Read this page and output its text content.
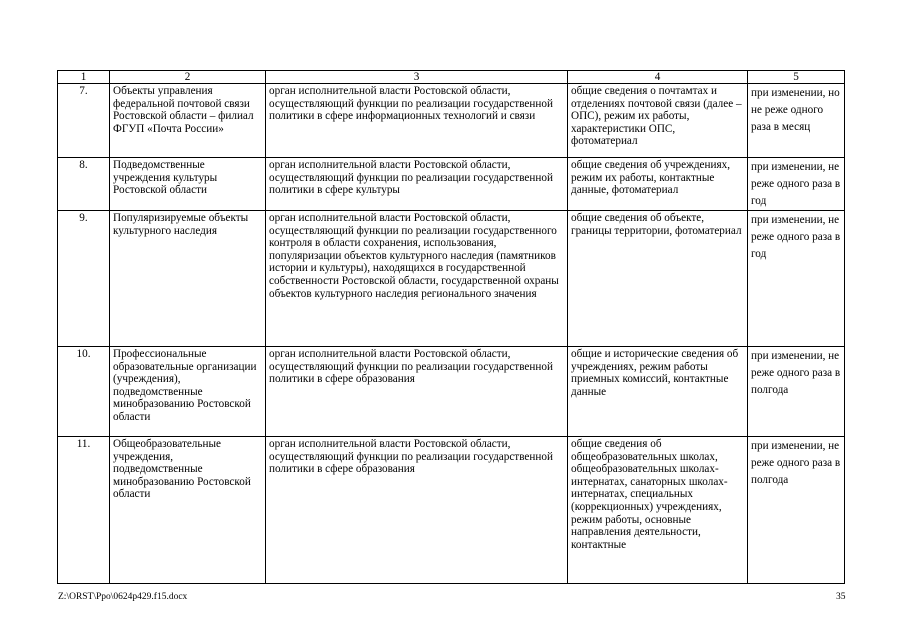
1	2	3	4	5
7.	Объекты управления федеральной почтовой связи Ростовской области – филиал ФГУП «Почта России»	орган исполнительной власти Ростовской области, осуществляющий функции по реализации государственной политики в сфере информационных технологий и связи	общие сведения о почтамтах и отделениях почтовой связи (далее – ОПС), режим их работы, характеристики ОПС, фотоматериал	при изменении, но не реже одного раза в месяц

8.	Подведомственные учреждения культуры Ростовской области	орган исполнительной власти Ростовской области, осуществляющий функции по реализации государственной политики в сфере культуры	общие сведения об учреждениях, режим их работы, контактные данные, фотоматериал	при изменении, не реже одного раза в год

9.	Популяризируемые объекты культурного наследия	орган исполнительной власти Ростовской области, осуществляющий функции по реализации государственного контроля в области сохранения, использования, популяризации объектов культурного наследия (памятников истории и культуры), находящихся в государственной собственности Ростовской области, государственной охраны объектов культурного наследия регионального значения	общие сведения об объекте, границы территории, фотоматериал	при изменении, не реже одного раза в год

10.	Профессиональные образовательные организации (учреждения), подведомственные минобразованию Ростовской области	орган исполнительной власти Ростовской области, осуществляющий функции по реализации государственной политики в сфере образования	общие и исторические сведения об учреждениях, режим работы приемных комиссий, контактные данные	при изменении, не реже одного раза в полгода

11.	Общеобразовательные учреждения, подведомственные минобразованию Ростовской области	орган исполнительной власти Ростовской области, осуществляющий функции по реализации государственной политики в сфере образования	общие сведения об общеобразовательных школах, общеобразовательных школах-интернатах, санаторных школах-интернатах, специальных (коррекционных) учреждениях, режим работы, основные направления деятельности, контактные	при изменении, не реже одного раза в полгода

Z:\ORST\Ppo\0624p429.f15.docx	35
